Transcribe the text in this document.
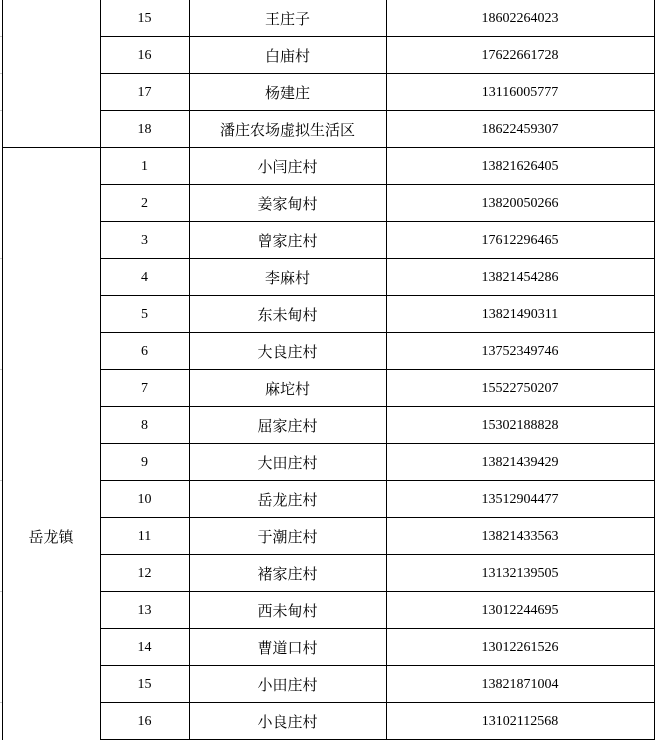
15	王庄子	18602264023
16	白庙村	17622661728
17	杨建庄	13116005777
18	潘庄农场虚拟生活区	18622459307
岳龙镇
1	小闫庄村	13821626405
2	姜家甸村	13820050266
3	曾家庄村	17612296465
4	李麻村	13821454286
5	东未甸村	13821490311
6	大良庄村	13752349746
7	麻坨村	15522750207
8	屈家庄村	15302188828
9	大田庄村	13821439429
10	岳龙庄村	13512904477
11	于潮庄村	13821433563
12	褚家庄村	13132139505
13	西未甸村	13012244695
14	曹道口村	13012261526
15	小田庄村	13821871004
16	小良庄村	13102112568
